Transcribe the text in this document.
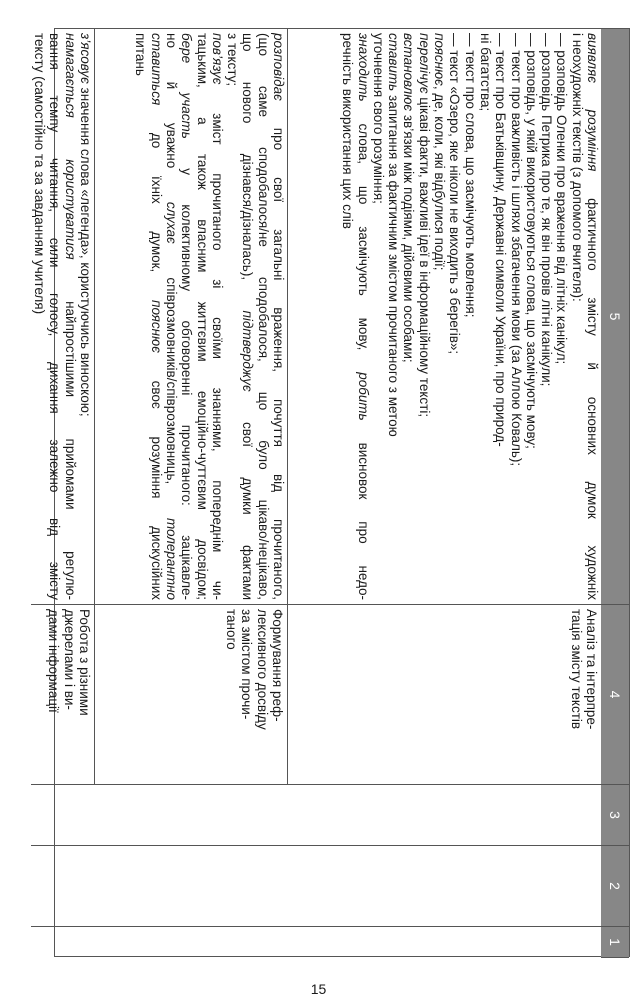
5
4
3
2
1
виявляє розуміння фактичного змісту й основних думок художніх
і неохудожніх текстів (з допомого вчителя):
— розповідь Оленки про враження від літніх канікул;
— розповідь Петрика про те, як він провів літні канікули;
— розповідь, у якій використовуються слова, що засмічують мову;
— текст про важливість і шляхи збагачення мови (за Аллою Коваль);
— текст про Батьківщину, Державні символи України, про природ-
ні багатства;
— текст про слова, що засмічують мовлення;
— текст «Озеро, яке ніколи не виходить з берегів»;
пояснює, де, коли, які відбулися події;
перелічує цікаві факти, важливі ідеї в інформаційному тексті;
встановлює зв’язки між подіями, дійовими особами;
ставить запитання за фактичним змістом прочитаного з метою
уточнення свого розуміння;
знаходить слова, що засмічують мову, робить висновок про недо-
речність використання цих слів
розповідає про свої загальні враження, почуття від прочитаного,
(що саме сподобалося/не сподобалося, що було цікаво/нецікаво,
що нового дізнався/дізналась), підтверджує свої думки фактами
з тексту;
пов’язує зміст прочитаного зі своїми знаннями, попереднім чи-
тацьким, а також власним життєвим емоційно-чуттєвим досвідом;
бере участь у колективному обговоренні прочитаного: зацікавле-
но й уважно слухає співрозмовників/співрозмовниць, толерантно
ставиться до їхніх думок, пояснює своє розуміння дискусійних
питань
з’ясовує значення слова «легенда», користуючись виноскою;
намагається користуватися найпростішими прийомами регулю-
вання темпу читання, сили голосу, дихання залежно від змісту
тексту (самостійно та за завданням учителя)
Аналіз та інтерпре-
тація змісту текстів
Формування реф-
лексивного досвіду
за змістом прочи-
таного
Робота з різними
джерелами і ви-
дами інформації
15
